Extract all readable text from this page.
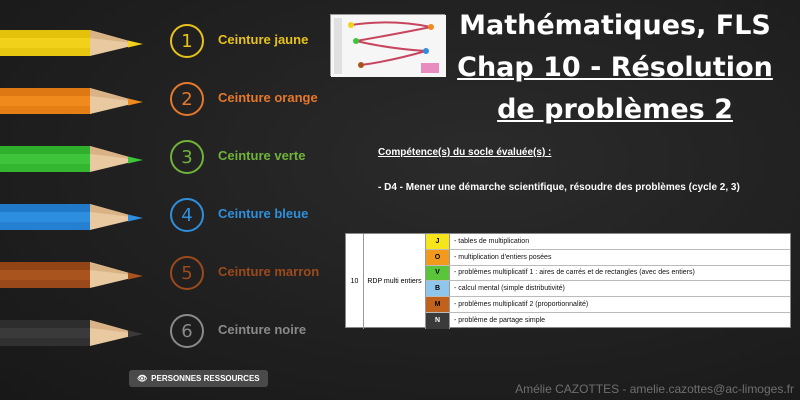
1	Ceinture jaune
2	Ceinture orange
3	Ceinture verte
4	Ceinture bleue
5	Ceinture marron
6	Ceinture noire
Mathématiques, FLS
Chap 10 - Résolution
de problèmes 2
Compétence(s) du socle évaluée(s) :
- D4 - Mener une démarche scientifique, résoudre des problèmes (cycle 2, 3)
10	RDP multi entiers
J	- tables de multiplication
O	- multiplication d'entiers posées
V	- problèmes multiplicatif 1 : aires de carrés et de rectangles (avec des entiers)
B	- calcul mental (simple distributivité)
M	- problèmes multiplicatif 2 (proportionnalité)
N	- problème de partage simple
👁 PERSONNES RESSOURCES
Amélie CAZOTTES - amelie.cazottes@ac-limoges.fr
